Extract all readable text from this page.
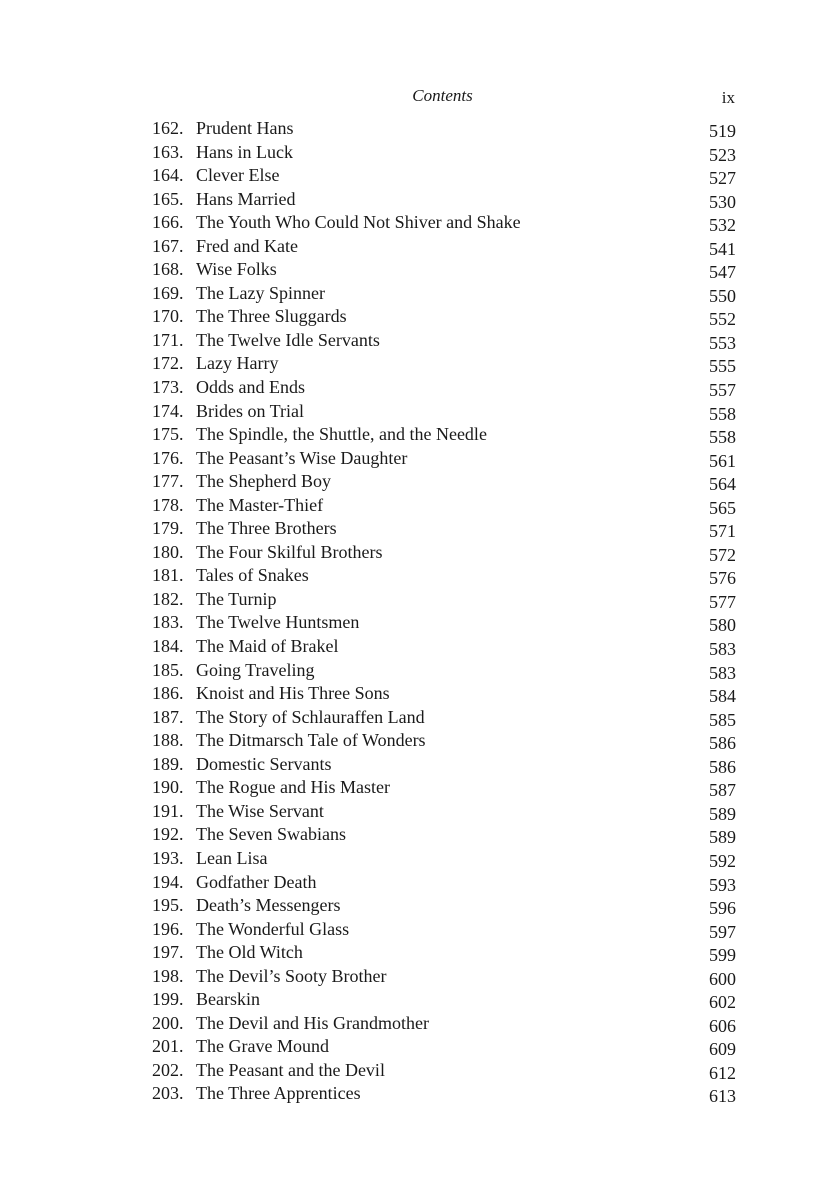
Contents	ix
162. Prudent Hans	519
163. Hans in Luck	523
164. Clever Else	527
165. Hans Married	530
166. The Youth Who Could Not Shiver and Shake	532
167. Fred and Kate	541
168. Wise Folks	547
169. The Lazy Spinner	550
170. The Three Sluggards	552
171. The Twelve Idle Servants	553
172. Lazy Harry	555
173. Odds and Ends	557
174. Brides on Trial	558
175. The Spindle, the Shuttle, and the Needle	558
176. The Peasant’s Wise Daughter	561
177. The Shepherd Boy	564
178. The Master-Thief	565
179. The Three Brothers	571
180. The Four Skilful Brothers	572
181. Tales of Snakes	576
182. The Turnip	577
183. The Twelve Huntsmen	580
184. The Maid of Brakel	583
185. Going Traveling	583
186. Knoist and His Three Sons	584
187. The Story of Schlauraffen Land	585
188. The Ditmarsch Tale of Wonders	586
189. Domestic Servants	586
190. The Rogue and His Master	587
191. The Wise Servant	589
192. The Seven Swabians	589
193. Lean Lisa	592
194. Godfather Death	593
195. Death’s Messengers	596
196. The Wonderful Glass	597
197. The Old Witch	599
198. The Devil’s Sooty Brother	600
199. Bearskin	602
200. The Devil and His Grandmother	606
201. The Grave Mound	609
202. The Peasant and the Devil	612
203. The Three Apprentices	613
